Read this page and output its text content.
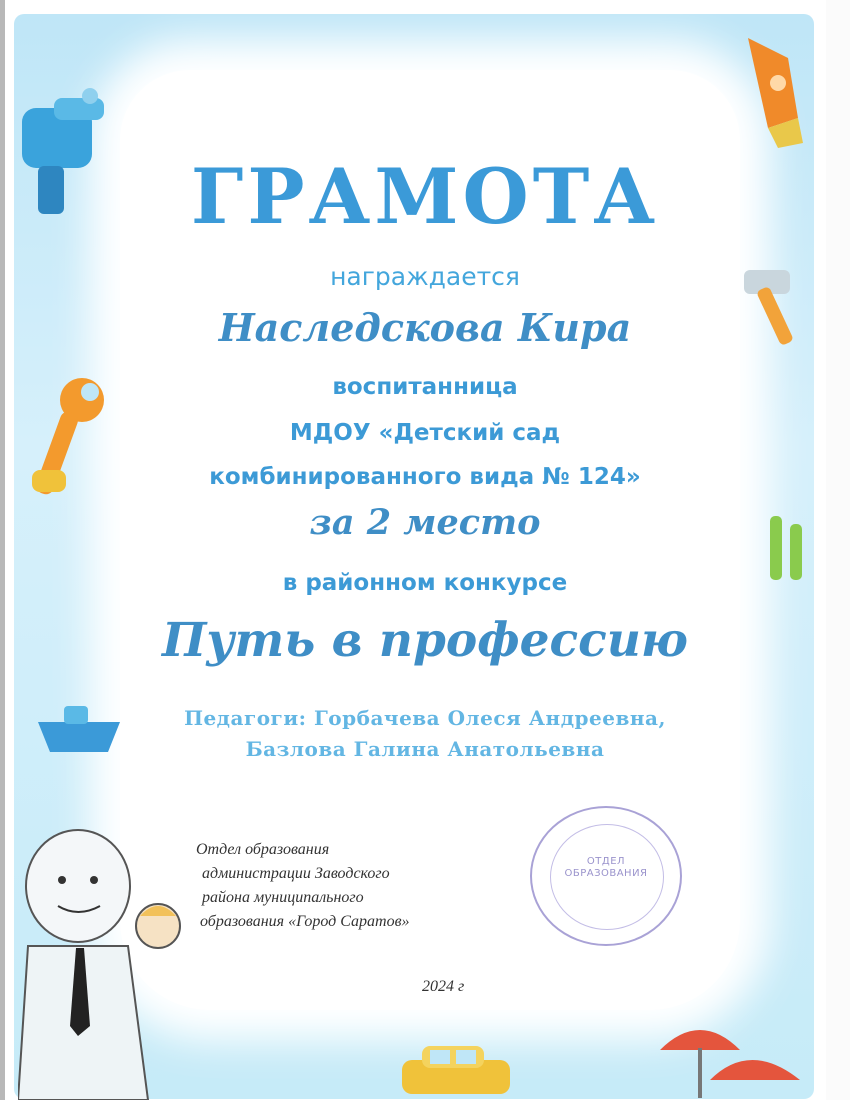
ГРАМОТА
награждается
Наследскова Кира
воспитанница
МДОУ «Детский сад
комбинированного вида № 124»
за 2 место
в районном конкурсе
Путь в профессию
Педагоги: Горбачева Олеся Андреевна,
Базлова Галина Анатольевна
Отдел образования
администрации Заводского
района муниципального
образования «Город Саратов»
ОТДЕЛ
ОБРАЗОВАНИЯ
2024 г
